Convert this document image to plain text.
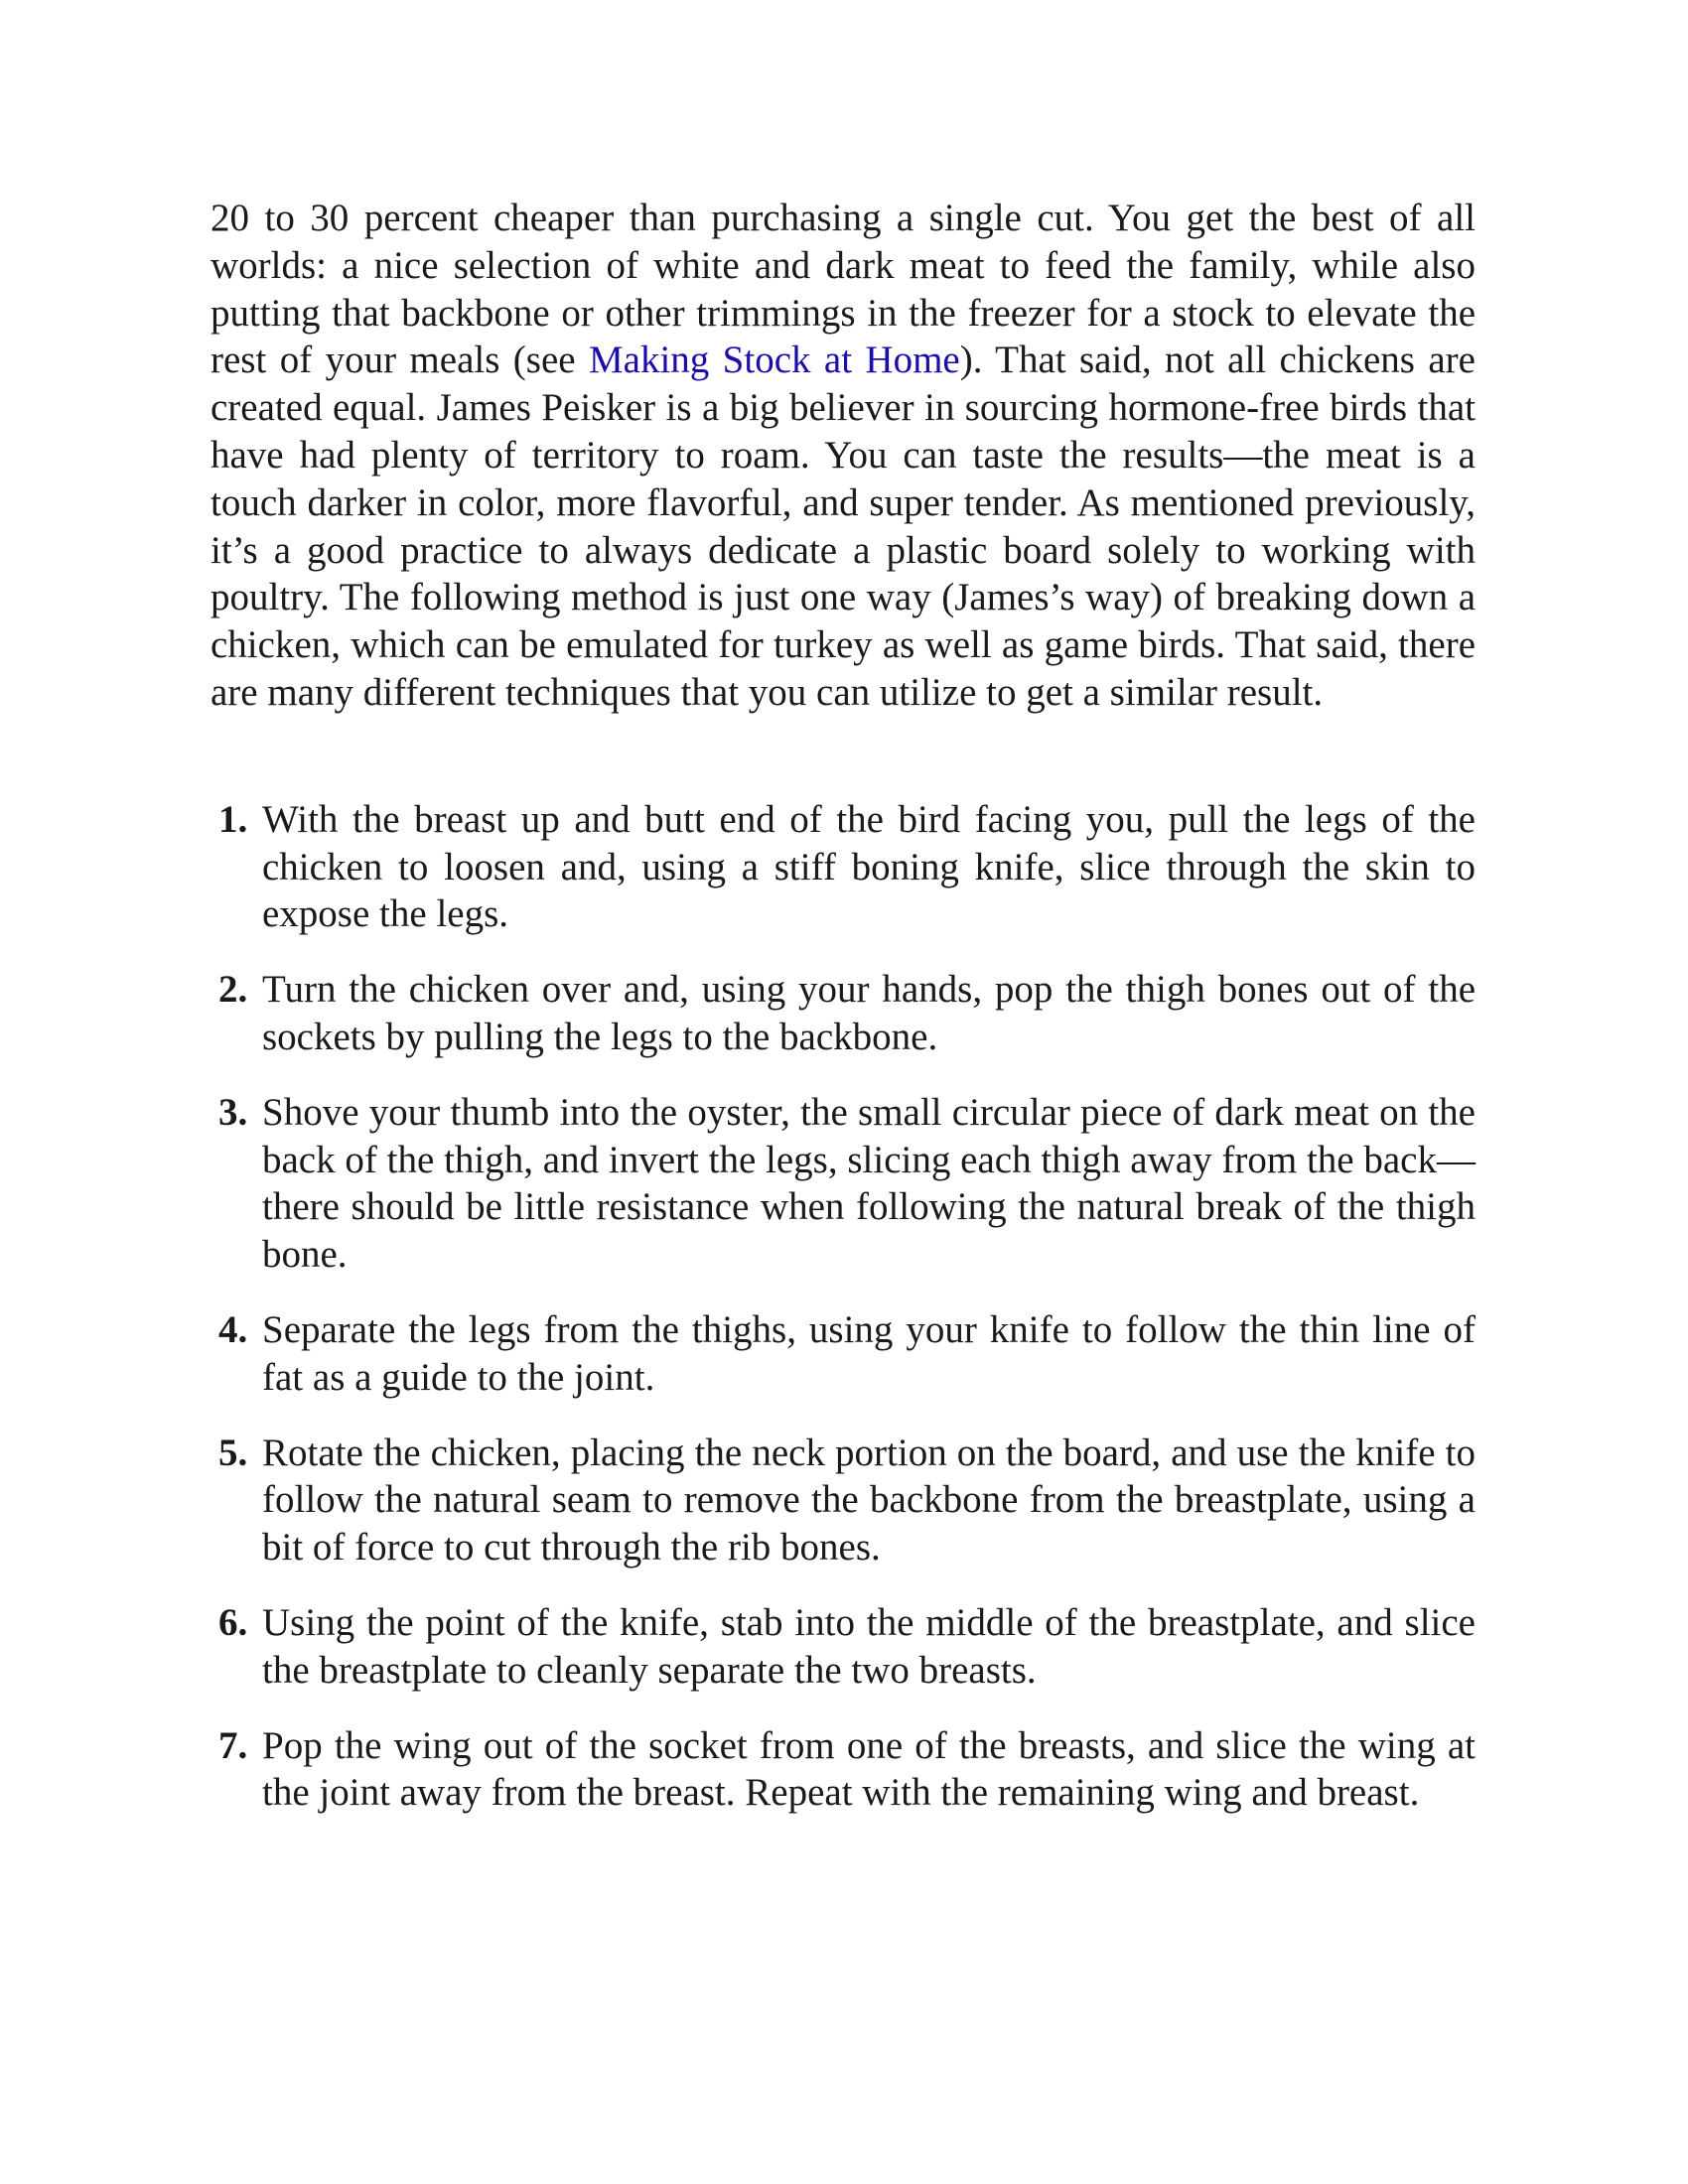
20 to 30 percent cheaper than purchasing a single cut. You get the best of all worlds: a nice selection of white and dark meat to feed the family, while also putting that backbone or other trimmings in the freezer for a stock to elevate the rest of your meals (see Making Stock at Home). That said, not all chickens are created equal. James Peisker is a big believer in sourcing hormone-free birds that have had plenty of territory to roam. You can taste the results—the meat is a touch darker in color, more flavorful, and super tender. As mentioned previously, it’s a good practice to always dedicate a plastic board solely to working with poultry. The following method is just one way (James’s way) of breaking down a chicken, which can be emulated for turkey as well as game birds. That said, there are many different techniques that you can utilize to get a similar result.

1. With the breast up and butt end of the bird facing you, pull the legs of the chicken to loosen and, using a stiff boning knife, slice through the skin to expose the legs.
2. Turn the chicken over and, using your hands, pop the thigh bones out of the sockets by pulling the legs to the backbone.
3. Shove your thumb into the oyster, the small circular piece of dark meat on the back of the thigh, and invert the legs, slicing each thigh away from the back—there should be little resistance when following the natural break of the thigh bone.
4. Separate the legs from the thighs, using your knife to follow the thin line of fat as a guide to the joint.
5. Rotate the chicken, placing the neck portion on the board, and use the knife to follow the natural seam to remove the backbone from the breastplate, using a bit of force to cut through the rib bones.
6. Using the point of the knife, stab into the middle of the breastplate, and slice the breastplate to cleanly separate the two breasts.
7. Pop the wing out of the socket from one of the breasts, and slice the wing at the joint away from the breast. Repeat with the remaining wing and breast.
